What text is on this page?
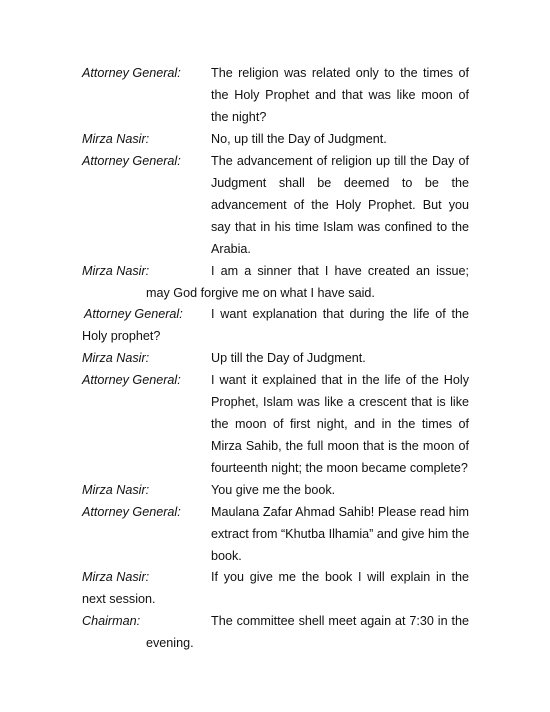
Attorney General: The religion was related only to the times of
the Holy Prophet and that was like moon of
the night?
Mirza Nasir:	No, up till the Day of Judgment.
Attorney General: The advancement of religion up till the Day of
Judgment shall be deemed to be the
advancement of the Holy Prophet. But you
say that in his time Islam was confined to the
Arabia.
Mirza Nasir:	I am a sinner that I have created an issue;
may God forgive me on what I have said.
Attorney General: I want explanation that during the life of the
Holy prophet?
Mirza Nasir:	Up till the Day of Judgment.
Attorney General: I want it explained that in the life of the Holy
Prophet, Islam was like a crescent that is like
the moon of first night, and in the times of
Mirza Sahib, the full moon that is the moon of
fourteenth night; the moon became complete?
Mirza Nasir:	You give me the book.
Attorney General: Maulana Zafar Ahmad Sahib! Please read him
extract from “Khutba Ilhamia” and give him the
book.
Mirza Nasir:	If you give me the book I will explain in the
next session.
Chairman:	The committee shell meet again at 7:30 in the
evening.
